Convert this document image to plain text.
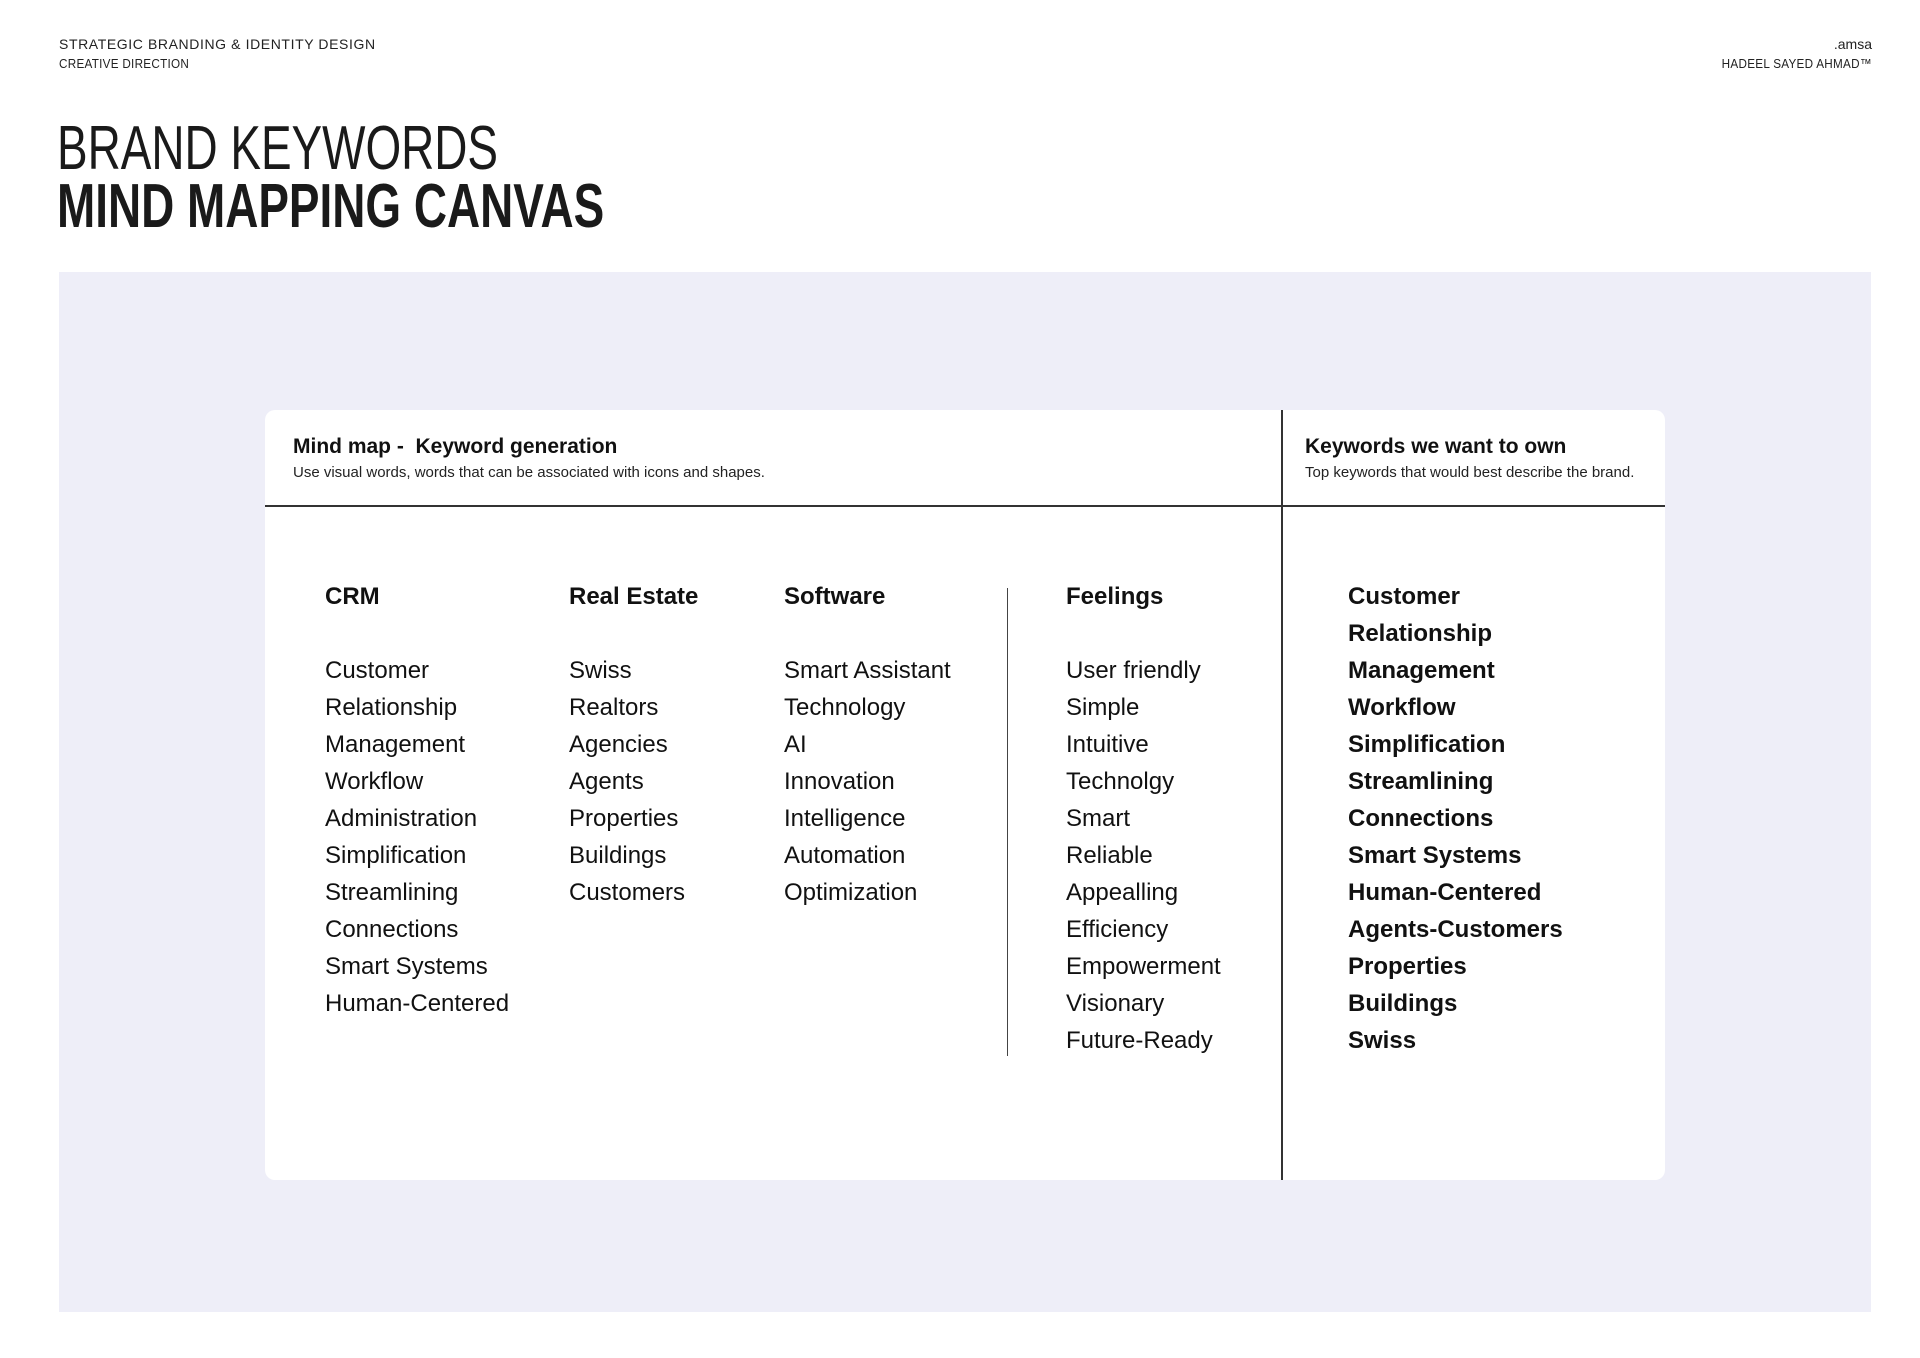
STRATEGIC BRANDING & IDENTITY DESIGN
CREATIVE DIRECTION
.amsa
HADEEL SAYED AHMAD™
BRAND KEYWORDS
MIND MAPPING CANVAS
Mind map -  Keyword generation
Use visual words, words that can be associated with icons and shapes.
Keywords we want to own
Top keywords that would best describe the brand.
CRM
Customer
Relationship
Management
Workflow
Administration
Simplification
Streamlining
Connections
Smart Systems
Human-Centered
Real Estate
Swiss
Realtors
Agencies
Agents
Properties
Buildings
Customers
Software
Smart Assistant
Technology
AI
Innovation
Intelligence
Automation
Optimization
Feelings
User friendly
Simple
Intuitive
Technolgy
Smart
Reliable
Appealling
Efficiency
Empowerment
Visionary
Future-Ready
Customer
Relationship
Management
Workflow
Simplification
Streamlining
Connections
Smart Systems
Human-Centered
Agents-Customers
Properties
Buildings
Swiss
